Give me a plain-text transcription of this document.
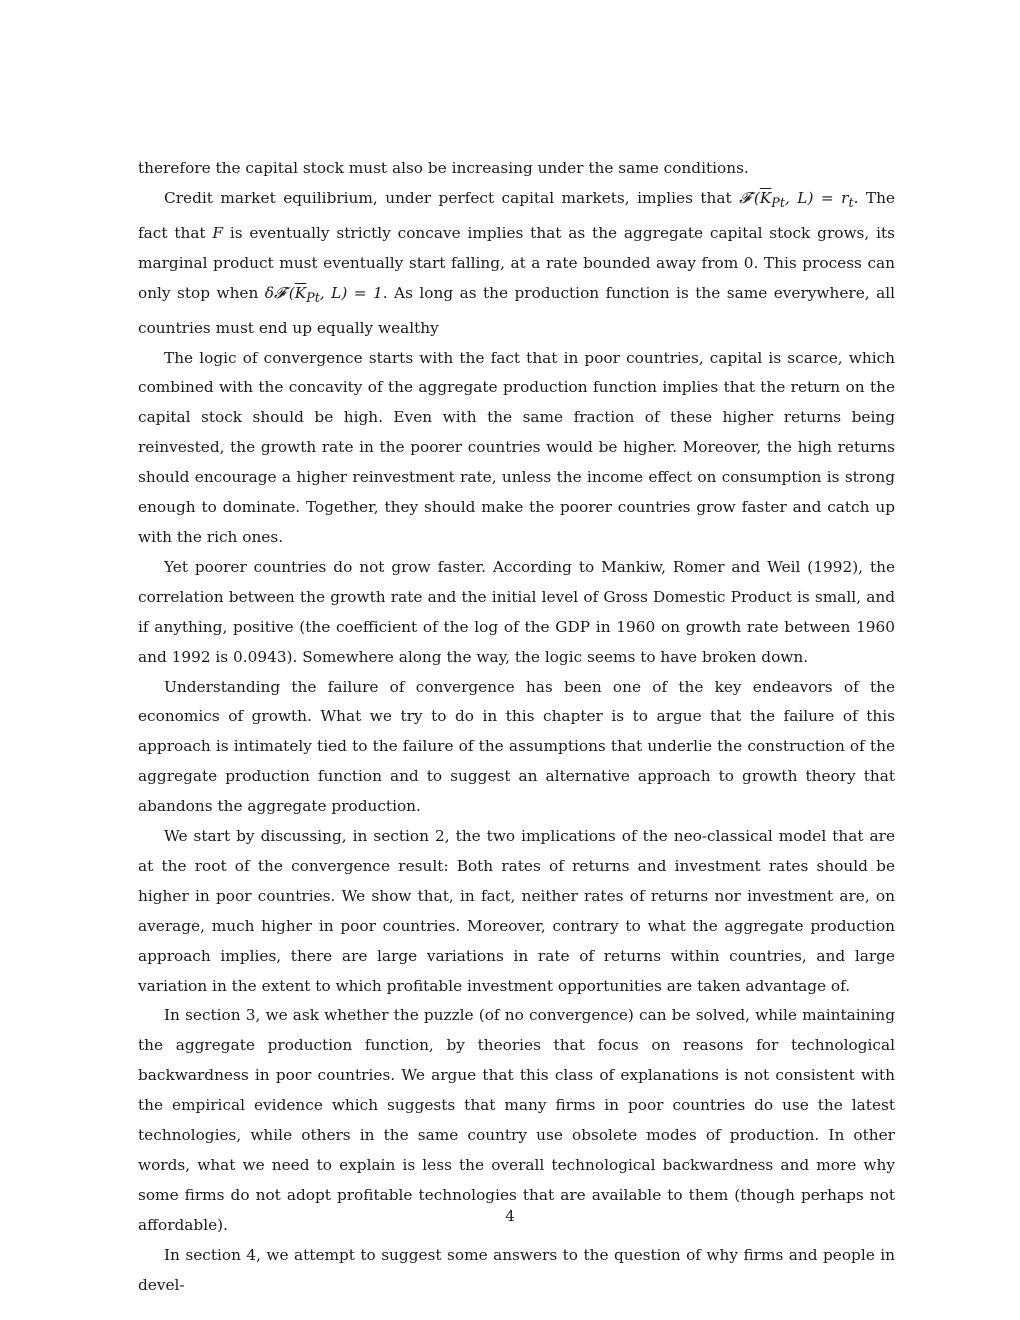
therefore the capital stock must also be increasing under the same conditions.

Credit market equilibrium, under perfect capital markets, implies that $𝓕'(\overline{K}_{Pt}$, $L) = r_t$. The fact that F is eventually strictly concave implies that as the aggregate capital stock grows, its marginal product must eventually start falling, at a rate bounded away from 0. This process can only stop when $\delta 𝓕'(\overline{K}_{Pt}$, L) = 1. As long as the production function is the same everywhere, all countries must end up equally wealthy

The logic of convergence starts with the fact that in poor countries, capital is scarce, which combined with the concavity of the aggregate production function implies that the return on the capital stock should be high. Even with the same fraction of these higher returns being reinvested, the growth rate in the poorer countries would be higher. Moreover, the high returns should encourage a higher reinvestment rate, unless the income effect on consumption is strong enough to dominate. Together, they should make the poorer countries grow faster and catch up with the rich ones.

Yet poorer countries do not grow faster. According to Mankiw, Romer and Weil (1992), the correlation between the growth rate and the initial level of Gross Domestic Product is small, and if anything, positive (the coefficient of the log of the GDP in 1960 on growth rate between 1960 and 1992 is 0.0943). Somewhere along the way, the logic seems to have broken down.

Understanding the failure of convergence has been one of the key endeavors of the economics of growth. What we try to do in this chapter is to argue that the failure of this approach is intimately tied to the failure of the assumptions that underlie the construction of the aggregate production function and to suggest an alternative approach to growth theory that abandons the aggregate production.

We start by discussing, in section 2, the two implications of the neo-classical model that are at the root of the convergence result: Both rates of returns and investment rates should be higher in poor countries. We show that, in fact, neither rates of returns nor investment are, on average, much higher in poor countries. Moreover, contrary to what the aggregate production approach implies, there are large variations in rate of returns within countries, and large variation in the extent to which profitable investment opportunities are taken advantage of.

In section 3, we ask whether the puzzle (of no convergence) can be solved, while maintaining the aggregate production function, by theories that focus on reasons for technological backwardness in poor countries. We argue that this class of explanations is not consistent with the empirical evidence which suggests that many firms in poor countries do use the latest technologies, while others in the same country use obsolete modes of production. In other words, what we need to explain is less the overall technological backwardness and more why some firms do not adopt profitable technologies that are available to them (though perhaps not affordable).

In section 4, we attempt to suggest some answers to the question of why firms and people in devel-

4
